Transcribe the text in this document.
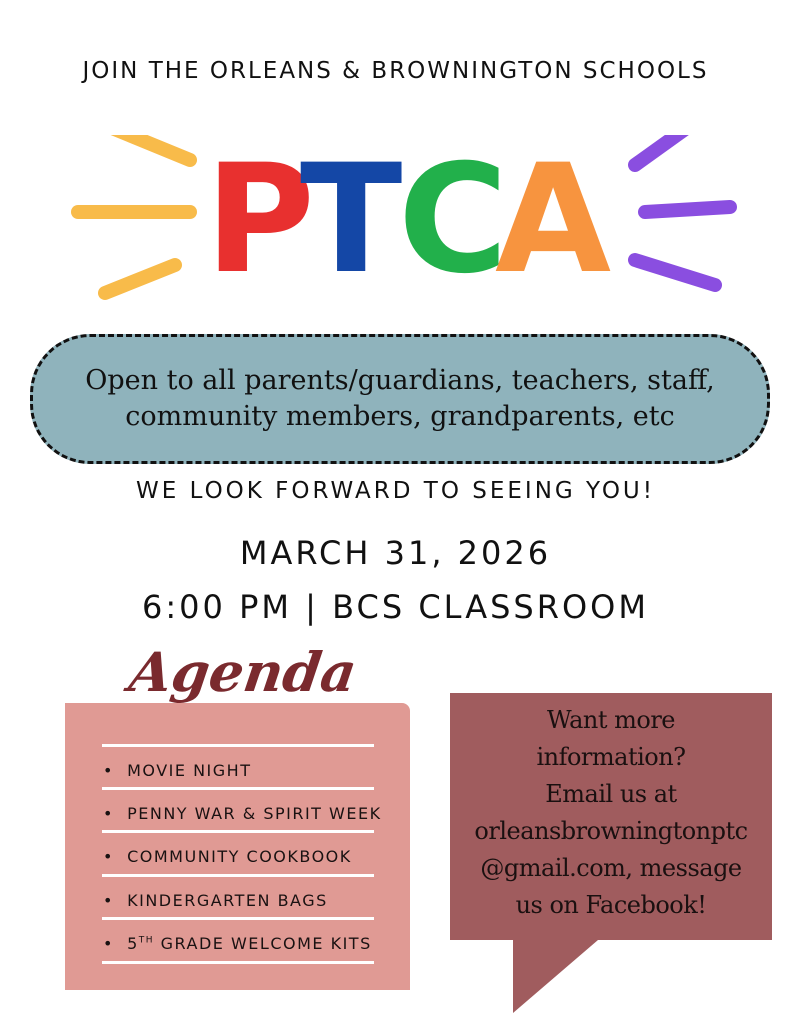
JOIN THE ORLEANS & BROWNINGTON SCHOOLS
P
T
C
A
Open to all parents/guardians, teachers, staff,
community members, grandparents, etc
WE LOOK FORWARD TO SEEING YOU!
MARCH 31, 2026
6:00 PM | BCS CLASSROOM
•  MOVIE NIGHT
•  PENNY WAR & SPIRIT WEEK
•  COMMUNITY COOKBOOK
•  KINDERGARTEN BAGS
•  5TH GRADE WELCOME KITS
Agenda
Want more
information?
Email us at
orleansbrowningtonptc
@gmail.com, message
us on Facebook!
